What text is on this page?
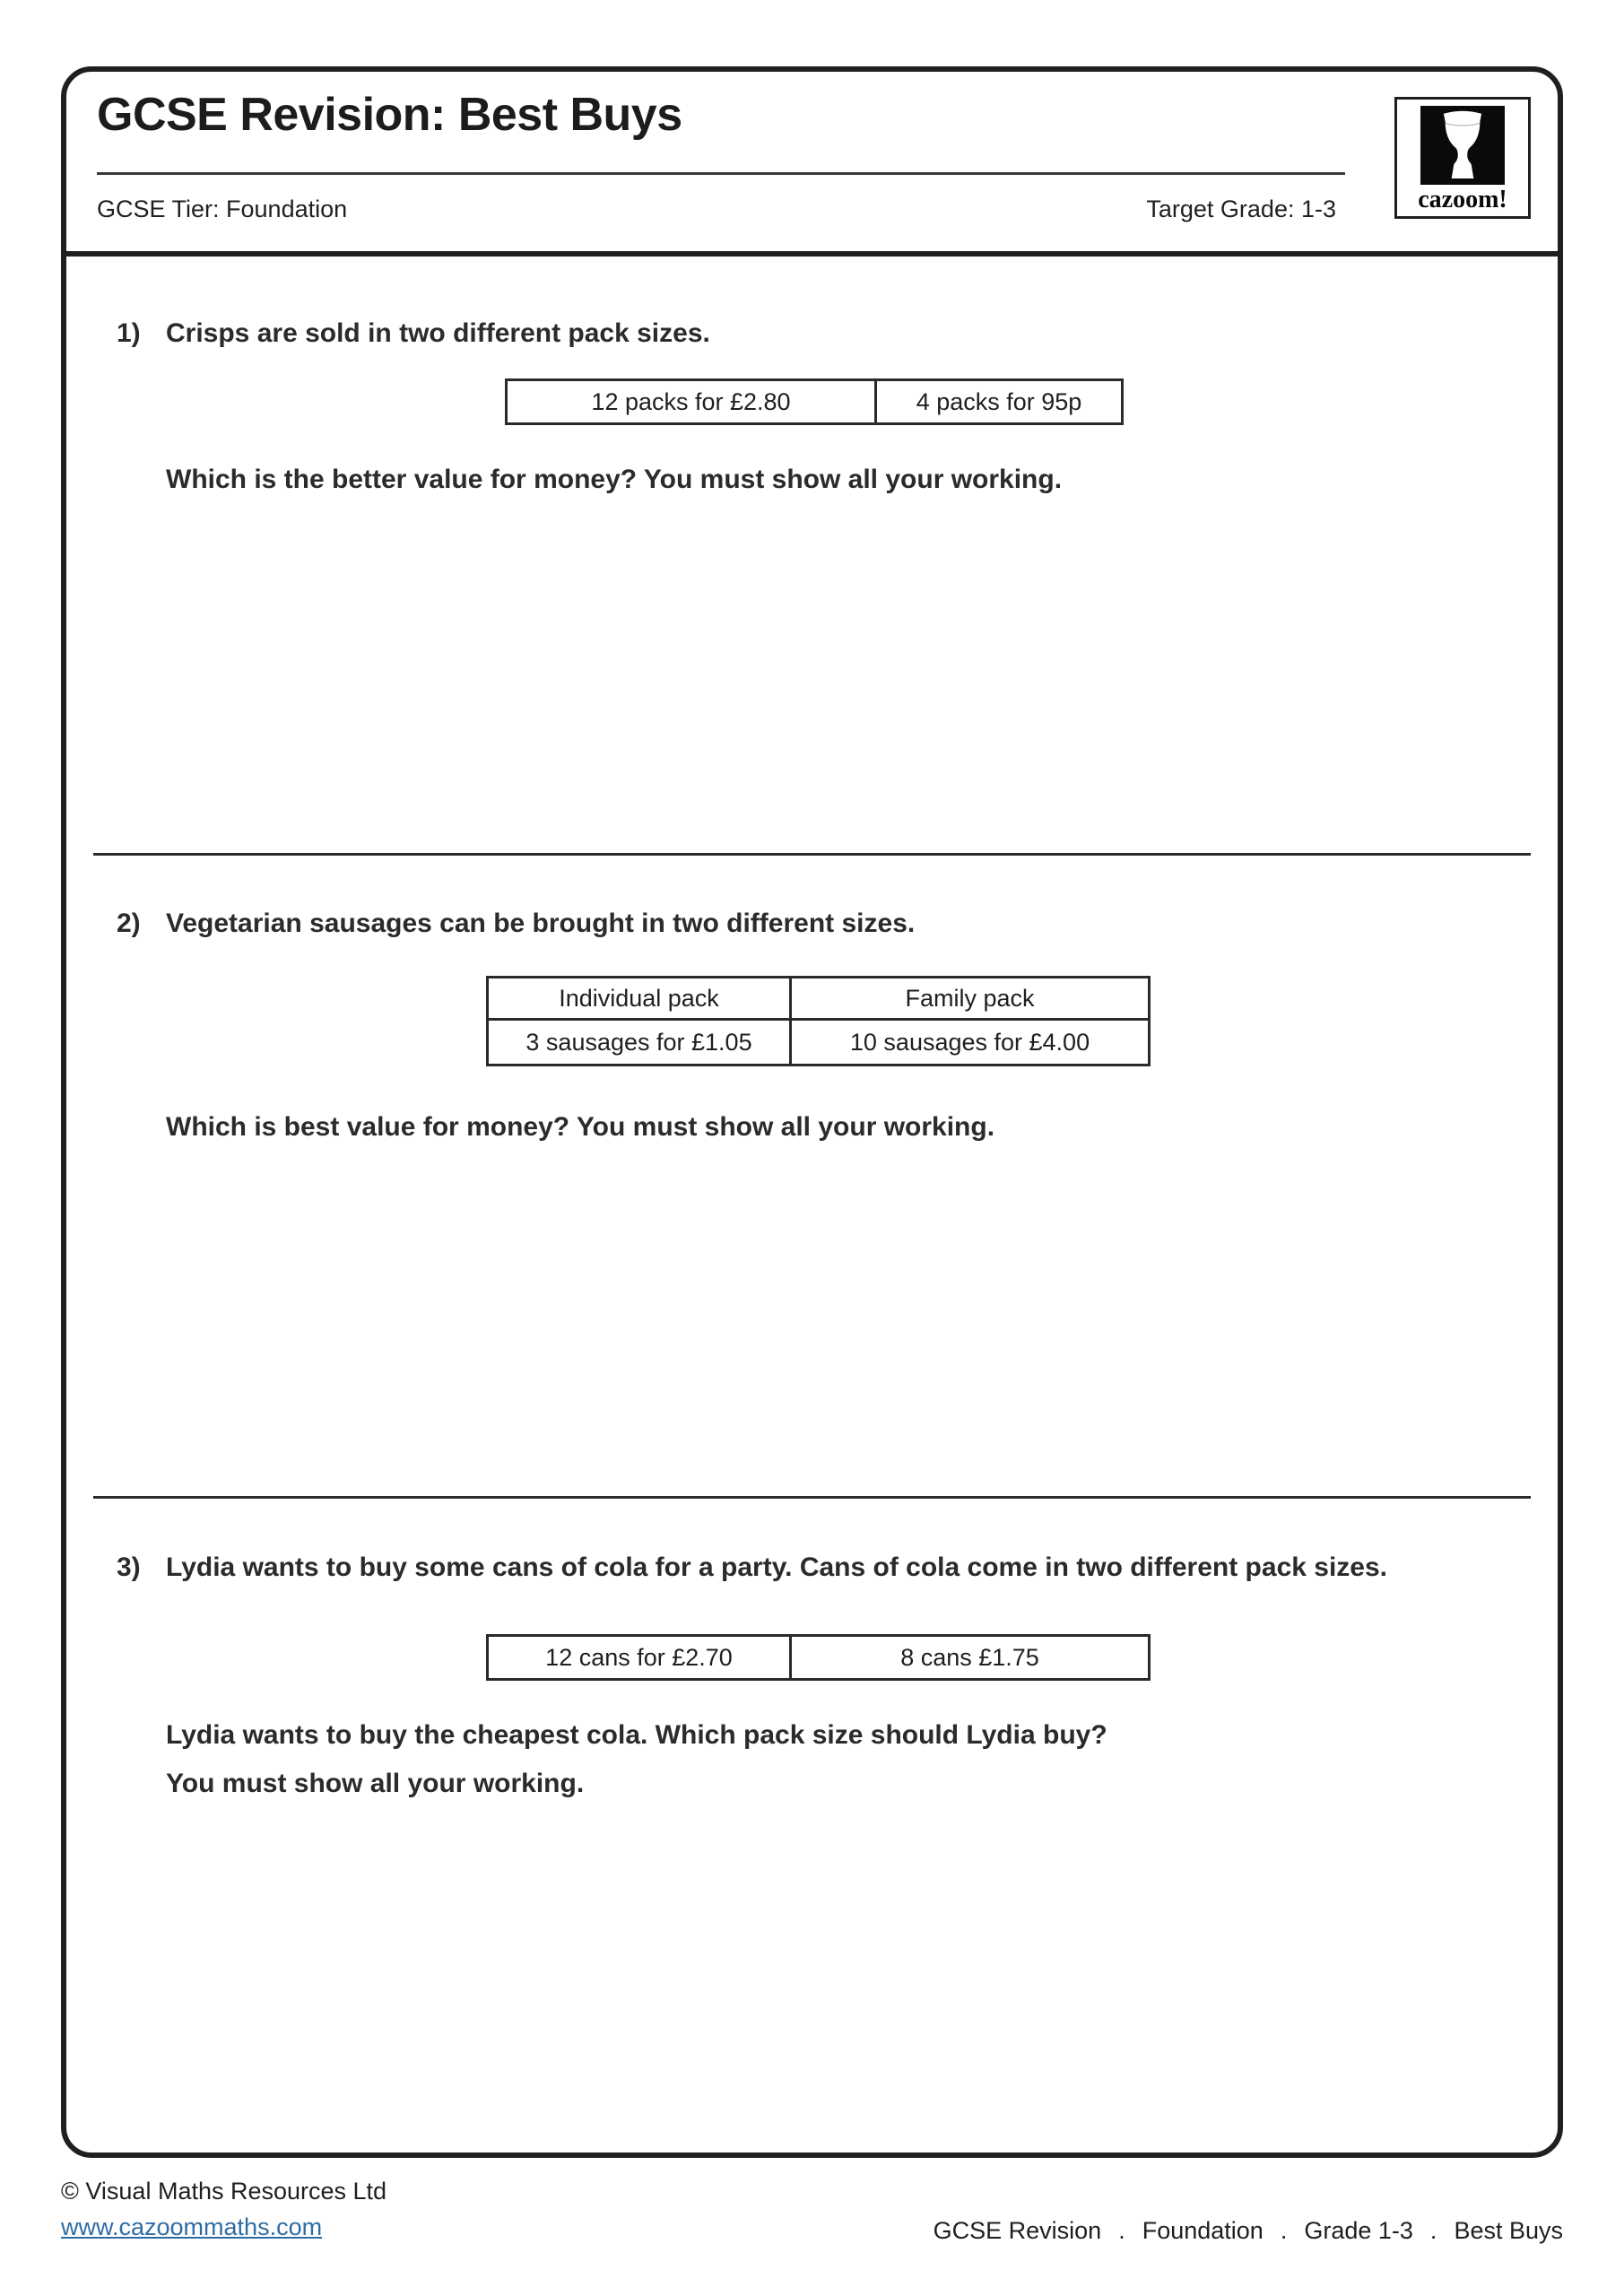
GCSE Revision: Best Buys
GCSE Tier: Foundation	Target Grade: 1-3	cazoom!
1) Crisps are sold in two different pack sizes.
12 packs for £2.80	4 packs for 95p
Which is the better value for money? You must show all your working.
2) Vegetarian sausages can be brought in two different sizes.
Individual pack	Family pack
3 sausages for £1.05	10 sausages for £4.00
Which is best value for money? You must show all your working.
3) Lydia wants to buy some cans of cola for a party. Cans of cola come in two different pack sizes.
12 cans for £2.70	8 cans £1.75
Lydia wants to buy the cheapest cola. Which pack size should Lydia buy?
You must show all your working.
© Visual Maths Resources Ltd
www.cazoommaths.com	GCSE Revision . Foundation . Grade 1-3 . Best Buys
